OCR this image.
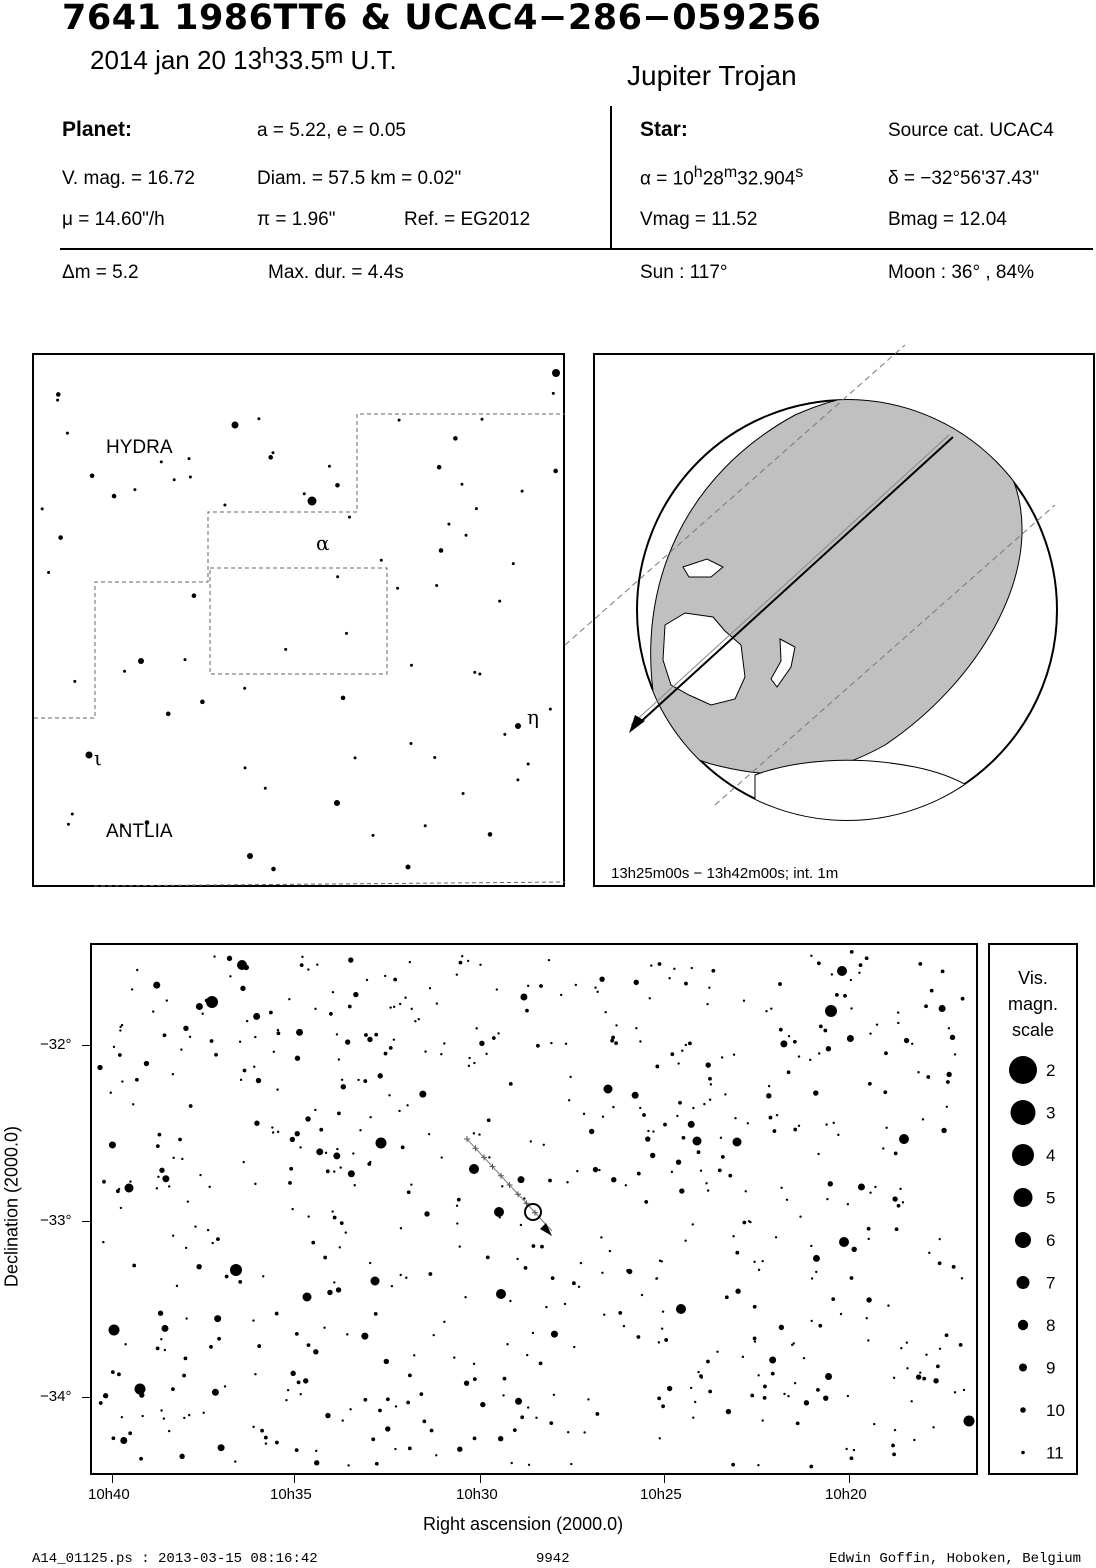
7641 1986TT6 & UCAC4−286−059256
2014 jan 20 13$^h$33.5$^m$ U.T.	Jupiter Trojan
Planet:	a = 5.22, e = 0.05
V. mag. = 16.72	Diam. = 57.5 km = 0.02"
μ = 14.60"/h	π = 1.96"	Ref. = EG2012
Star:	Source cat. UCAC4
$\alpha = 10^h28^m32.904^s$	δ = −32°56'37.43"
Vmag = 11.52	Bmag = 12.04
Δm = 5.2	Max. dur. = 4.4s	Sun : 117°	Moon : 36° , 84%
HYDRA
ANTLIA
α
η
ι
13h25m00s − 13h42m00s; int. 1m
10h40	10h35	10h30	10h25	10h20
−32°
−33°
−34°
Right ascension (2000.0)
Declination (2000.0)
Vis.
magn.
scale
2
3
4
5
6
7
8
9
10
11
A14_01125.ps : 2013-03-15 08:16:42	9942	Edwin Goffin, Hoboken, Belgium
